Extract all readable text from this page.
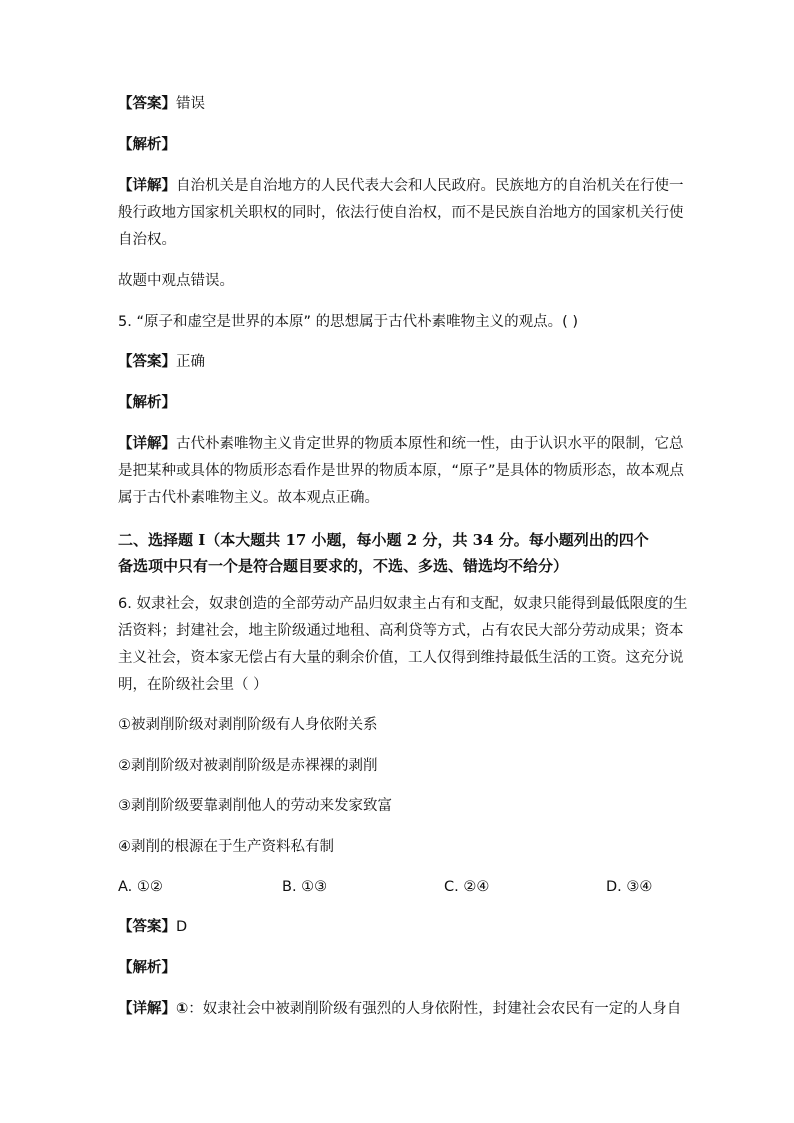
【答案】错误
【解析】
【详解】自治机关是自治地方的人民代表大会和人民政府。民族地方的自治机关在行使一
般行政地方国家机关职权的同时，依法行使自治权，而不是民族自治地方的国家机关行使
自治权。
故题中观点错误。
5. “原子和虚空是世界的本原” 的思想属于古代朴素唯物主义的观点。( )
【答案】正确
【解析】
【详解】古代朴素唯物主义肯定世界的物质本原性和统一性，由于认识水平的限制，它总
是把某种或具体的物质形态看作是世界的物质本原，“原子”是具体的物质形态，故本观点
属于古代朴素唯物主义。故本观点正确。
二、选择题 I（本大题共 17 小题，每小题 2 分，共 34 分。每小题列出的四个
备选项中只有一个是符合题目要求的，不选、多选、错选均不给分）
6. 奴隶社会，奴隶创造的全部劳动产品归奴隶主占有和支配，奴隶只能得到最低限度的生
活资料；封建社会，地主阶级通过地租、高利贷等方式，占有农民大部分劳动成果；资本
主义社会，资本家无偿占有大量的剩余价值，工人仅得到维持最低生活的工资。这充分说
明，在阶级社会里（ ）
①被剥削阶级对剥削阶级有人身依附关系
②剥削阶级对被剥削阶级是赤裸裸的剥削
③剥削阶级要靠剥削他人的劳动来发家致富
④剥削的根源在于生产资料私有制
A. ①②	B. ①③	C. ②④	D. ③④
【答案】D
【解析】
【详解】①：奴隶社会中被剥削阶级有强烈的人身依附性，封建社会农民有一定的人身自
